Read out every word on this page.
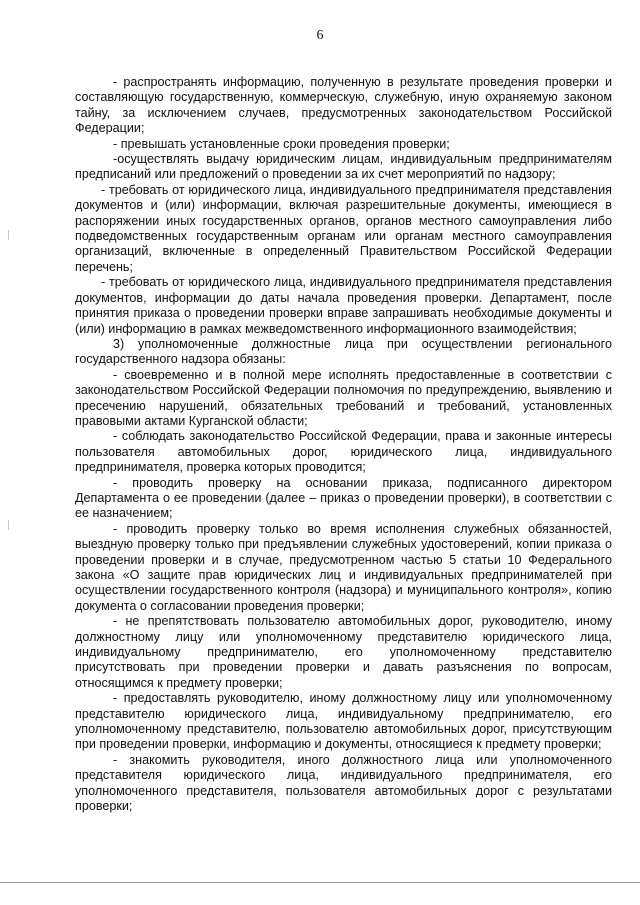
6

- распространять информацию, полученную в результате проведения проверки и составляющую государственную, коммерческую, служебную, иную охраняемую законом тайну, за исключением случаев, предусмотренных законодательством Российской Федерации;

- превышать установленные сроки проведения проверки;

-осуществлять выдачу юридическим лицам, индивидуальным предпринимателям предписаний или предложений о проведении за их счет мероприятий по надзору;

- требовать от юридического лица, индивидуального предпринимателя представления документов и (или) информации, включая разрешительные документы, имеющиеся в распоряжении иных государственных органов, органов местного самоуправления либо подведомственных государственным органам или органам местного самоуправления организаций, включенные в определенный Правительством Российской Федерации перечень;

- требовать от юридического лица, индивидуального предпринимателя представления документов, информации до даты начала проведения проверки. Департамент, после принятия приказа о проведении проверки вправе запрашивать необходимые документы и (или) информацию в рамках межведомственного информационного взаимодействия;

3) уполномоченные должностные лица при осуществлении регионального государственного надзора обязаны:

- своевременно и в полной мере исполнять предоставленные в соответствии с законодательством Российской Федерации полномочия по предупреждению, выявлению и пресечению нарушений, обязательных требований и требований, установленных правовыми актами Курганской области;

- соблюдать законодательство Российской Федерации, права и законные интересы пользователя автомобильных дорог, юридического лица, индивидуального предпринимателя, проверка которых проводится;

- проводить проверку на основании приказа, подписанного директором Департамента о ее проведении (далее – приказ о проведении проверки), в соответствии с ее назначением;

- проводить проверку только во время исполнения служебных обязанностей, выездную проверку только при предъявлении служебных удостоверений, копии приказа о проведении проверки и в случае, предусмотренном частью 5 статьи 10 Федерального закона «О защите прав юридических лиц и индивидуальных предпринимателей при осуществлении государственного контроля (надзора) и муниципального контроля», копию документа о согласовании проведения проверки;

- не препятствовать пользователю автомобильных дорог, руководителю, иному должностному лицу или уполномоченному представителю юридического лица, индивидуальному предпринимателю, его уполномоченному представителю присутствовать при проведении проверки и давать разъяснения по вопросам, относящимся к предмету проверки;

- предоставлять руководителю, иному должностному лицу или уполномоченному представителю юридического лица, индивидуальному предпринимателю, его уполномоченному представителю, пользователю автомобильных дорог, присутствующим при проведении проверки, информацию и документы, относящиеся к предмету проверки;

- знакомить руководителя, иного должностного лица или уполномоченного представителя юридического лица, индивидуального предпринимателя, его уполномоченного представителя, пользователя автомобильных дорог с результатами проверки;
